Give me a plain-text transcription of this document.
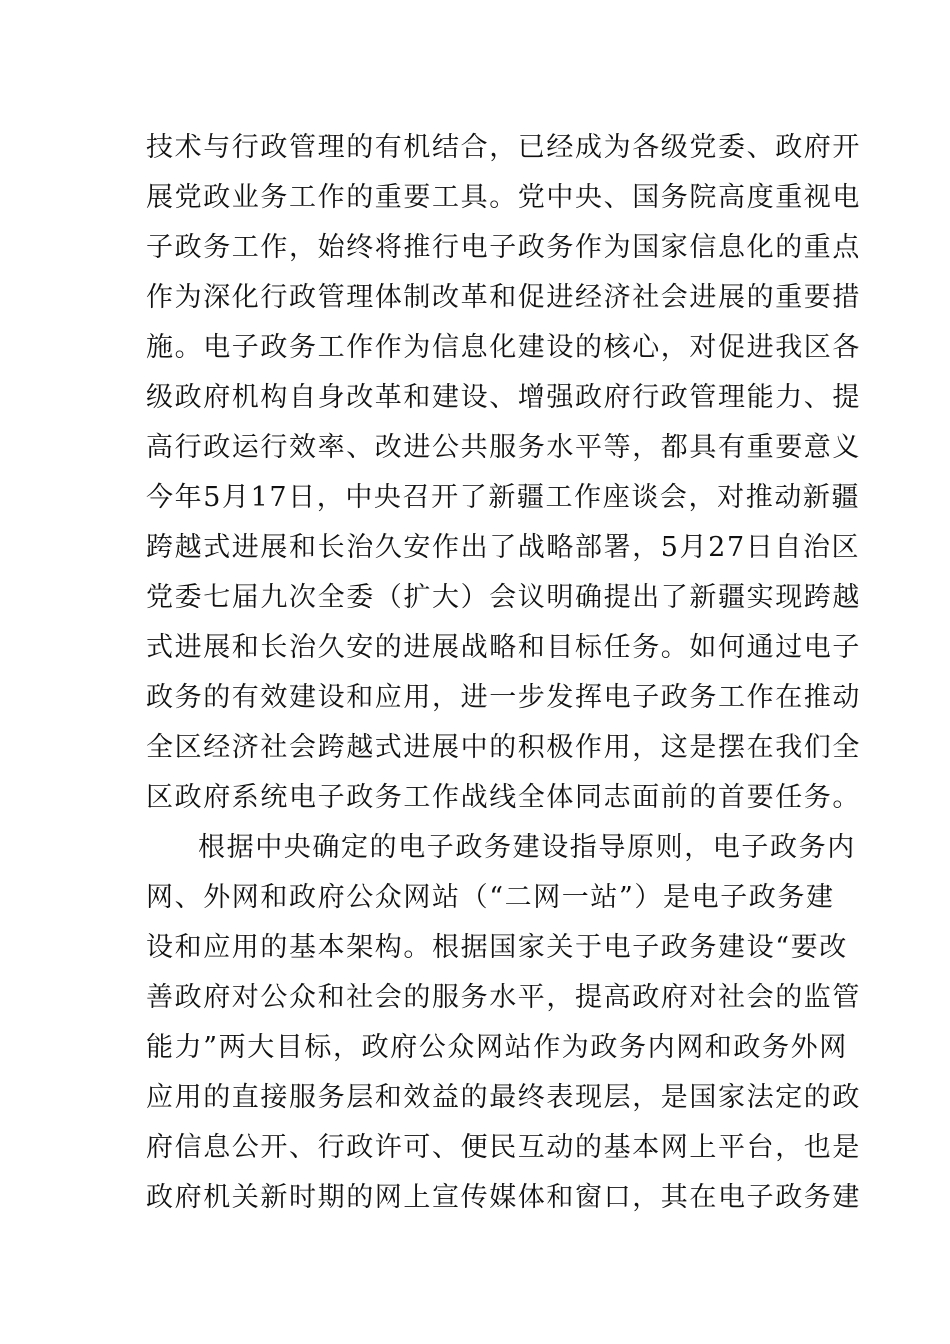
技术与行政管理的有机结合，已经成为各级党委、政府开
展党政业务工作的重要工具。党中央、国务院高度重视电
子政务工作，始终将推行电子政务作为国家信息化的重点
作为深化行政管理体制改革和促进经济社会进展的重要措
施。电子政务工作作为信息化建设的核心，对促进我区各
级政府机构自身改革和建设、增强政府行政管理能力、提
高行政运行效率、改进公共服务水平等，都具有重要意义
今年5月17日，中央召开了新疆工作座谈会，对推动新疆
跨越式进展和长治久安作出了战略部署，5月27日自治区
党委七届九次全委（扩大）会议明确提出了新疆实现跨越
式进展和长治久安的进展战略和目标任务。如何通过电子
政务的有效建设和应用，进一步发挥电子政务工作在推动
全区经济社会跨越式进展中的积极作用，这是摆在我们全
区政府系统电子政务工作战线全体同志面前的首要任务。
根据中央确定的电子政务建设指导原则，电子政务内
网、外网和政府公众网站（“二网一站”）是电子政务建
设和应用的基本架构。根据国家关于电子政务建设“要改
善政府对公众和社会的服务水平，提高政府对社会的监管
能力”两大目标，政府公众网站作为政务内网和政务外网
应用的直接服务层和效益的最终表现层，是国家法定的政
府信息公开、行政许可、便民互动的基本网上平台，也是
政府机关新时期的网上宣传媒体和窗口，其在电子政务建
